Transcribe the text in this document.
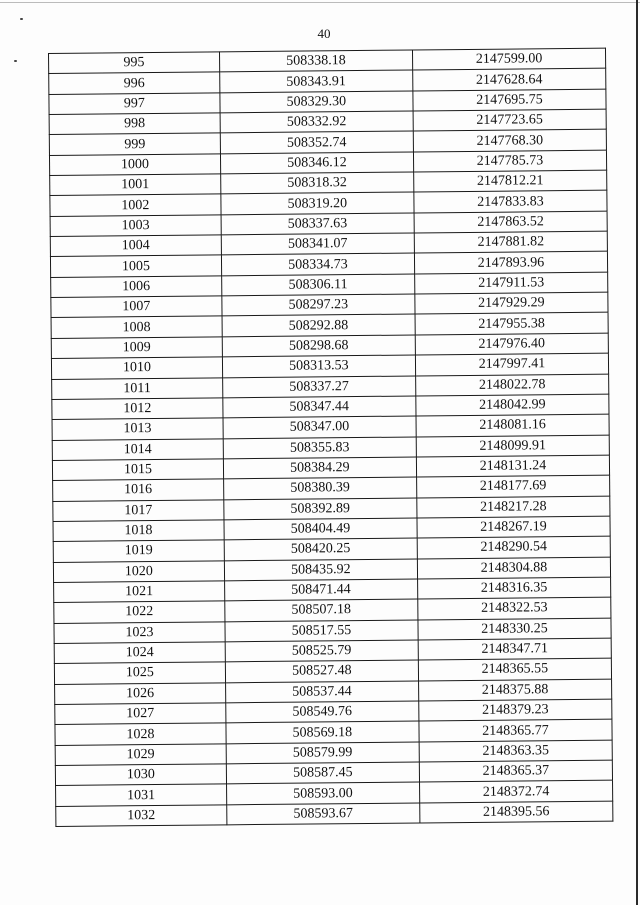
40
995	508338.18	2147599.00
996	508343.91	2147628.64
997	508329.30	2147695.75
998	508332.92	2147723.65
999	508352.74	2147768.30
1000	508346.12	2147785.73
1001	508318.32	2147812.21
1002	508319.20	2147833.83
1003	508337.63	2147863.52
1004	508341.07	2147881.82
1005	508334.73	2147893.96
1006	508306.11	2147911.53
1007	508297.23	2147929.29
1008	508292.88	2147955.38
1009	508298.68	2147976.40
1010	508313.53	2147997.41
1011	508337.27	2148022.78
1012	508347.44	2148042.99
1013	508347.00	2148081.16
1014	508355.83	2148099.91
1015	508384.29	2148131.24
1016	508380.39	2148177.69
1017	508392.89	2148217.28
1018	508404.49	2148267.19
1019	508420.25	2148290.54
1020	508435.92	2148304.88
1021	508471.44	2148316.35
1022	508507.18	2148322.53
1023	508517.55	2148330.25
1024	508525.79	2148347.71
1025	508527.48	2148365.55
1026	508537.44	2148375.88
1027	508549.76	2148379.23
1028	508569.18	2148365.77
1029	508579.99	2148363.35
1030	508587.45	2148365.37
1031	508593.00	2148372.74
1032	508593.67	2148395.56
